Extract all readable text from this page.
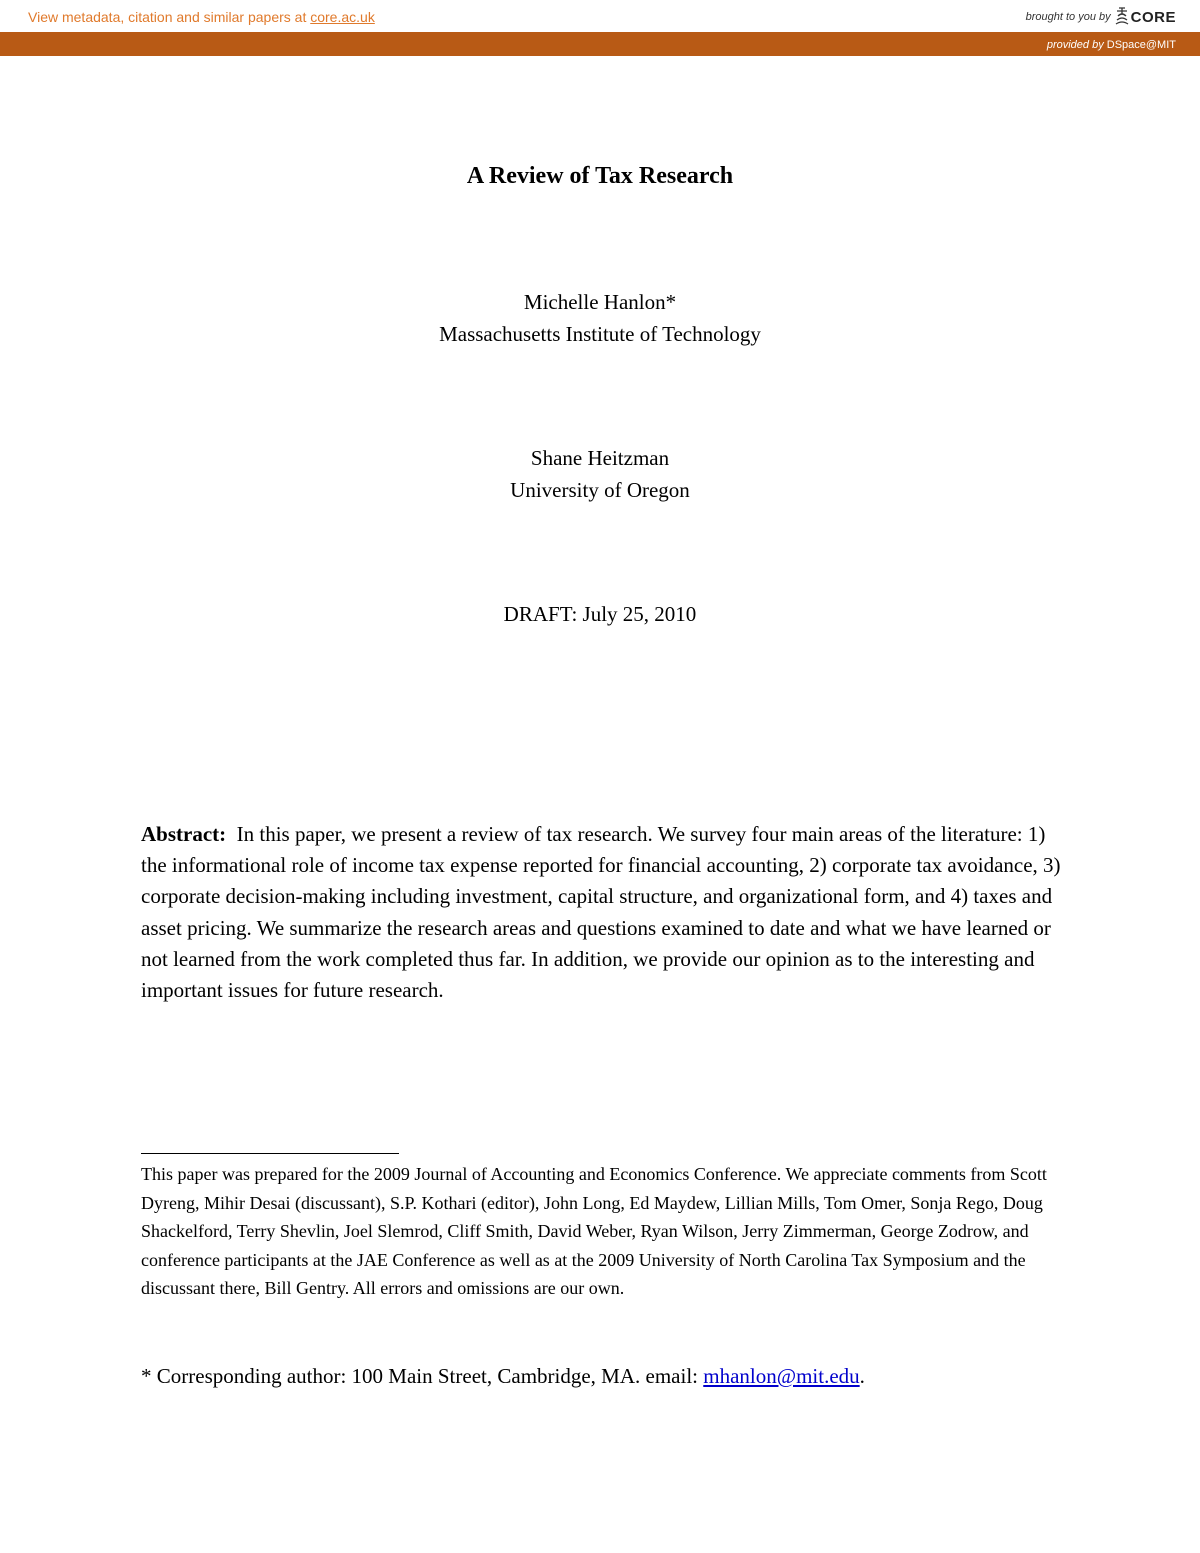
View metadata, citation and similar papers at core.ac.uk	brought to you by CORE
provided by DSpace@MIT
A Review of Tax Research

Michelle Hanlon*

Massachusetts Institute of Technology

Shane Heitzman

University of Oregon

DRAFT: July 25, 2010

Abstract: In this paper, we present a review of tax research. We survey four main areas of the literature: 1) the informational role of income tax expense reported for financial accounting, 2) corporate tax avoidance, 3) corporate decision-making including investment, capital structure, and organizational form, and 4) taxes and asset pricing. We summarize the research areas and questions examined to date and what we have learned or not learned from the work completed thus far. In addition, we provide our opinion as to the interesting and important issues for future research.

This paper was prepared for the 2009 Journal of Accounting and Economics Conference. We appreciate comments from Scott Dyreng, Mihir Desai (discussant), S.P. Kothari (editor), John Long, Ed Maydew, Lillian Mills, Tom Omer, Sonja Rego, Doug Shackelford, Terry Shevlin, Joel Slemrod, Cliff Smith, David Weber, Ryan Wilson, Jerry Zimmerman, George Zodrow, and conference participants at the JAE Conference as well as at the 2009 University of North Carolina Tax Symposium and the discussant there, Bill Gentry. All errors and omissions are our own.

* Corresponding author: 100 Main Street, Cambridge, MA. email: mhanlon@mit.edu.
